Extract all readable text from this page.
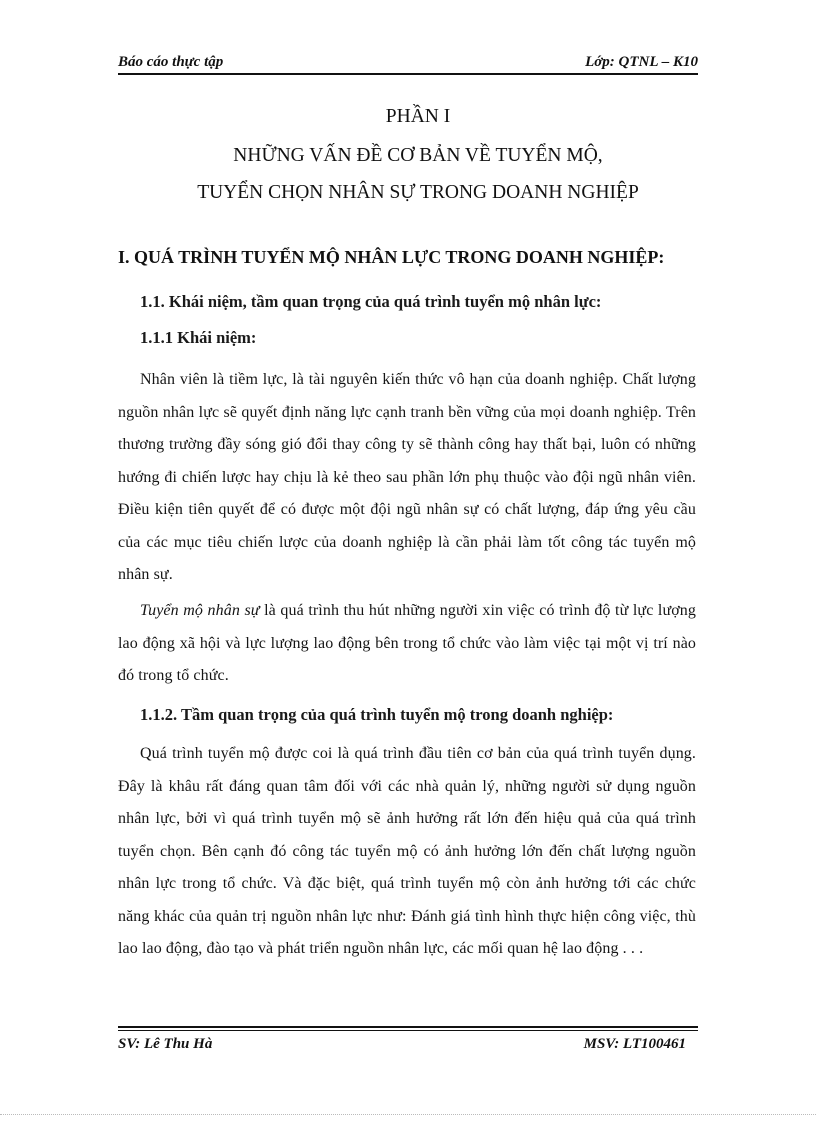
Báo cáo thực tập	Lớp: QTNL – K10
PHẦN I
NHỮNG VẤN ĐỀ CƠ BẢN VỀ TUYỂN MỘ,
TUYỂN CHỌN NHÂN SỰ TRONG DOANH NGHIỆP
I. QUÁ TRÌNH TUYỂN MỘ NHÂN LỰC TRONG DOANH NGHIỆP:
1.1. Khái niệm, tầm quan trọng của quá trình tuyển mộ nhân lực:
1.1.1 Khái niệm:
Nhân viên là tiềm lực, là tài nguyên kiến thức vô hạn của doanh nghiệp. Chất lượng nguồn nhân lực sẽ quyết định năng lực cạnh tranh bền vững của mọi doanh nghiệp. Trên thương trường đầy sóng gió đổi thay công ty sẽ thành công hay thất bại, luôn có những hướng đi chiến lược hay chịu là kẻ theo sau phần lớn phụ thuộc vào đội ngũ nhân viên. Điều kiện tiên quyết để có được một đội ngũ nhân sự có chất lượng, đáp ứng yêu cầu của các mục tiêu chiến lược của doanh nghiệp là cần phải làm tốt công tác tuyển mộ nhân sự.
Tuyển mộ nhân sự là quá trình thu hút những người xin việc có trình độ từ lực lượng lao động xã hội và lực lượng lao động bên trong tổ chức vào làm việc tại một vị trí nào đó trong tổ chức.
1.1.2. Tầm quan trọng của quá trình tuyển mộ trong doanh nghiệp:
Quá trình tuyển mộ được coi là quá trình đầu tiên cơ bản của quá trình tuyển dụng. Đây là khâu rất đáng quan tâm đối với các nhà quản lý, những người sử dụng nguồn nhân lực, bởi vì quá trình tuyển mộ sẽ ảnh hưởng rất lớn đến hiệu quả của quá trình tuyển chọn. Bên cạnh đó công tác tuyển mộ có ảnh hưởng lớn đến chất lượng nguồn nhân lực trong tổ chức. Và đặc biệt, quá trình tuyển mộ còn ảnh hưởng tới các chức năng khác của quản trị nguồn nhân lực như: Đánh giá tình hình thực hiện công việc, thù lao lao động, đào tạo và phát triển nguồn nhân lực, các mối quan hệ lao động . . .
SV: Lê Thu Hà	MSV: LT100461
